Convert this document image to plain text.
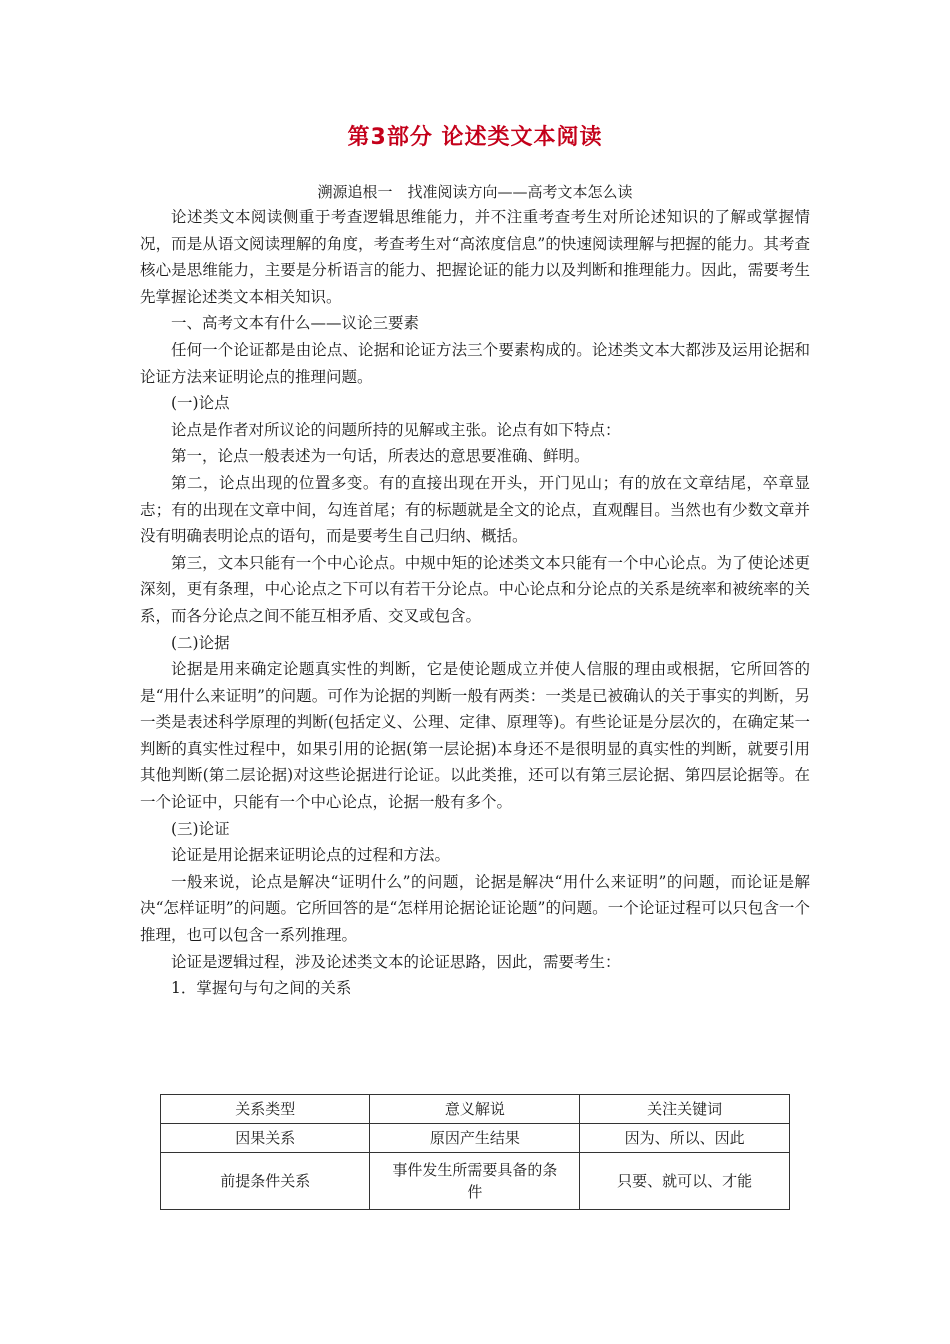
第3部分 论述类文本阅读
溯源追根一　找准阅读方向——高考文本怎么读

论述类文本阅读侧重于考查逻辑思维能力，并不注重考查考生对所论述知识的了解或掌握情况，而是从语文阅读理解的角度，考查考生对“高浓度信息”的快速阅读理解与把握的能力。其考查核心是思维能力，主要是分析语言的能力、把握论证的能力以及判断和推理能力。因此，需要考生先掌握论述类文本相关知识。

一、高考文本有什么——议论三要素

任何一个论证都是由论点、论据和论证方法三个要素构成的。论述类文本大都涉及运用论据和论证方法来证明论点的推理问题。

(一)论点

论点是作者对所议论的问题所持的见解或主张。论点有如下特点：

第一，论点一般表述为一句话，所表达的意思要准确、鲜明。

第二，论点出现的位置多变。有的直接出现在开头，开门见山；有的放在文章结尾，卒章显志；有的出现在文章中间，勾连首尾；有的标题就是全文的论点，直观醒目。当然也有少数文章并没有明确表明论点的语句，而是要考生自己归纳、概括。

第三，文本只能有一个中心论点。中规中矩的论述类文本只能有一个中心论点。为了使论述更深刻，更有条理，中心论点之下可以有若干分论点。中心论点和分论点的关系是统率和被统率的关系，而各分论点之间不能互相矛盾、交叉或包含。

(二)论据

论据是用来确定论题真实性的判断，它是使论题成立并使人信服的理由或根据，它所回答的是“用什么来证明”的问题。可作为论据的判断一般有两类：一类是已被确认的关于事实的判断，另一类是表述科学原理的判断(包括定义、公理、定律、原理等)。有些论证是分层次的，在确定某一判断的真实性过程中，如果引用的论据(第一层论据)本身还不是很明显的真实性的判断，就要引用其他判断(第二层论据)对这些论据进行论证。以此类推，还可以有第三层论据、第四层论据等。在一个论证中，只能有一个中心论点，论据一般有多个。

(三)论证

论证是用论据来证明论点的过程和方法。

一般来说，论点是解决“证明什么”的问题，论据是解决“用什么来证明”的问题，而论证是解决“怎样证明”的问题。它所回答的是“怎样用论据论证论题”的问题。一个论证过程可以只包含一个推理，也可以包含一系列推理。

论证是逻辑过程，涉及论述类文本的论证思路，因此，需要考生：

1．掌握句与句之间的关系

关系类型	意义解说	关注关键词
因果关系	原因产生结果	因为、所以、因此
前提条件关系	事件发生所需要具备的条件	只要、就可以、才能
